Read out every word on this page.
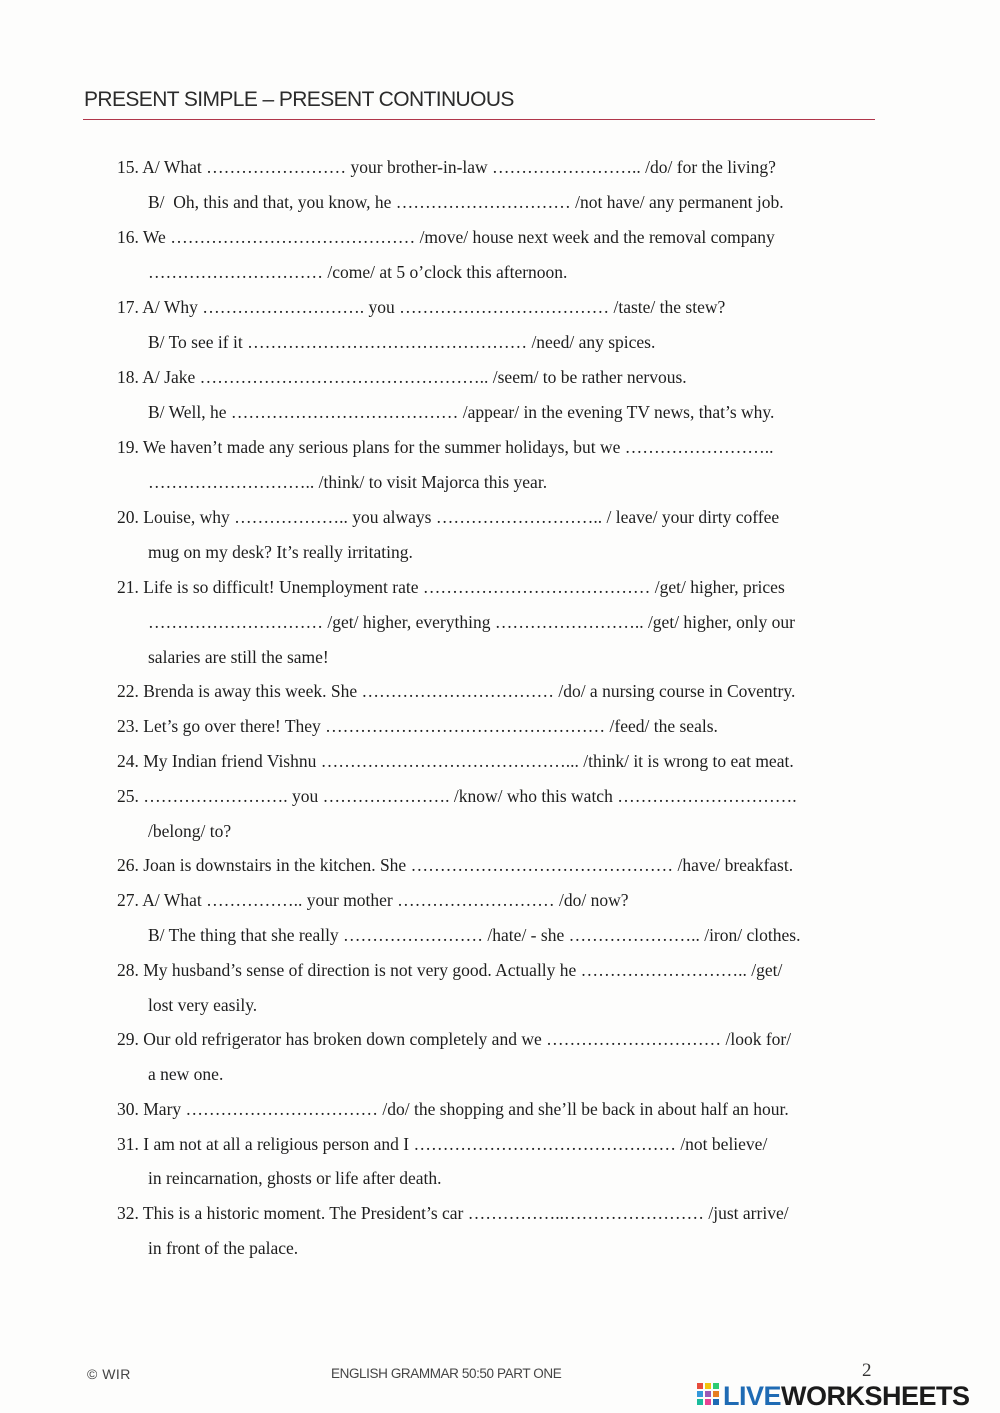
PRESENT SIMPLE – PRESENT CONTINUOUS
15. A/ What …………………… your brother-in-law …………………….. /do/ for the living?
B/  Oh, this and that, you know, he ………………………… /not have/ any permanent job.
16. We …………………………………… /move/ house next week and the removal company
………………………… /come/ at 5 o’clock this afternoon.
17. A/ Why ………………………. you ……………………………… /taste/ the stew?
B/ To see if it ………………………………………… /need/ any spices.
18. A/ Jake ………………………………………….. /seem/ to be rather nervous.
B/ Well, he ………………………………… /appear/ in the evening TV news, that’s why.
19. We haven’t made any serious plans for the summer holidays, but we ……………………..
……………………….. /think/ to visit Majorca this year.
20. Louise, why ……………….. you always ……………………….. / leave/ your dirty coffee
mug on my desk? It’s really irritating.
21. Life is so difficult! Unemployment rate ………………………………… /get/ higher, prices
………………………… /get/ higher, everything …………………….. /get/ higher, only our
salaries are still the same!
22. Brenda is away this week. She …………………………… /do/ a nursing course in Coventry.
23. Let’s go over there! They ………………………………………… /feed/ the seals.
24. My Indian friend Vishnu ……………………………………... /think/ it is wrong to eat meat.
25. ……………………. you …………………. /know/ who this watch ………………………….
/belong/ to?
26. Joan is downstairs in the kitchen. She ……………………………………… /have/ breakfast.
27. A/ What …………….. your mother ……………………… /do/ now?
B/ The thing that she really …………………… /hate/ - she ………………….. /iron/ clothes.
28. My husband’s sense of direction is not very good. Actually he ……………………….. /get/
lost very easily.
29. Our old refrigerator has broken down completely and we ………………………… /look for/
a new one.
30. Mary …………………………… /do/ the shopping and she’ll be back in about half an hour.
31. I am not at all a religious person and I ……………………………………… /not believe/
in reincarnation, ghosts or life after death.
32. This is a historic moment. The President’s car ……………..…………………… /just arrive/
in front of the palace.
© WIR	ENGLISH GRAMMAR 50:50 PART ONE	2
LIVEWORKSHEETS
